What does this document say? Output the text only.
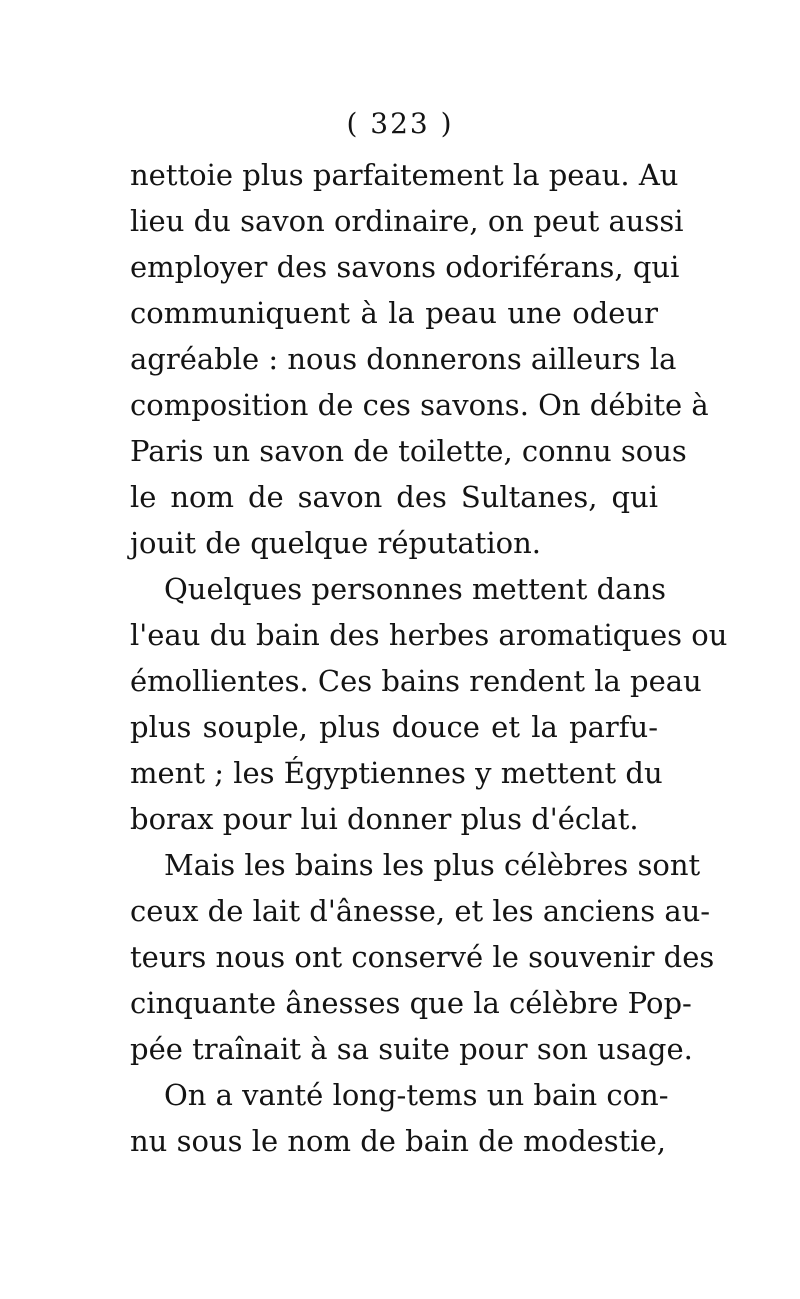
( 323 )
nettoie plus parfaitement la peau. Au
lieu du savon ordinaire, on peut aussi
employer des savons odoriférans, qui
communiquent à la peau une odeur
agréable : nous donnerons ailleurs la
composition de ces savons. On débite à
Paris un savon de toilette, connu sous
le nom de savon des Sultanes, qui
jouit de quelque réputation.
Quelques personnes mettent dans
l'eau du bain des herbes aromatiques ou
émollientes. Ces bains rendent la peau
plus souple, plus douce et la parfu-
ment ; les Égyptiennes y mettent du
borax pour lui donner plus d'éclat.
Mais les bains les plus célèbres sont
ceux de lait d'ânesse, et les anciens au-
teurs nous ont conservé le souvenir des
cinquante ânesses que la célèbre Pop-
pée traînait à sa suite pour son usage.
On a vanté long-tems un bain con-
nu sous le nom de bain de modestie,
